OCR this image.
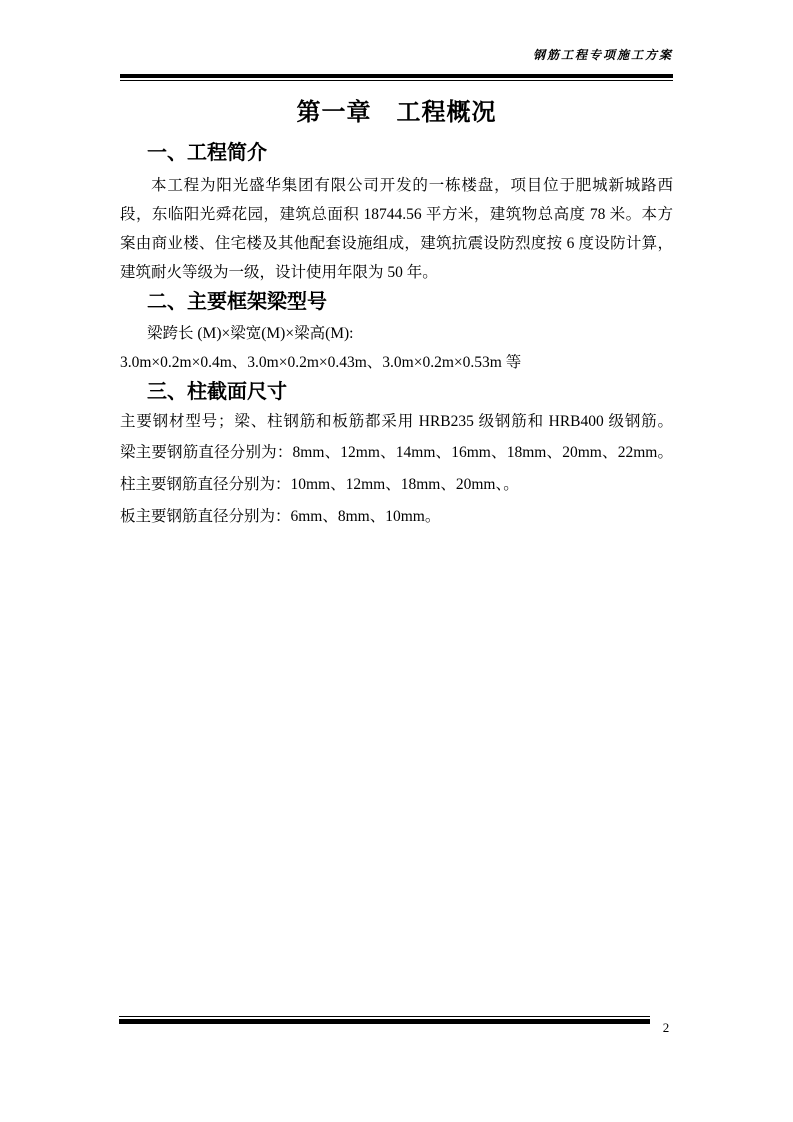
钢筋工程专项施工方案
第一章　工程概况
一、工程简介
本工程为阳光盛华集团有限公司开发的一栋楼盘，项目位于肥城新城路西
段，东临阳光舜花园，建筑总面积 18744.56 平方米，建筑物总高度 78 米。本方
案由商业楼、住宅楼及其他配套设施组成，建筑抗震设防烈度按 6 度设防计算，
建筑耐火等级为一级，设计使用年限为 50 年。
二、主要框架梁型号
梁跨长 (M)×梁宽(M)×梁高(M):
3.0m×0.2m×0.4m、3.0m×0.2m×0.43m、3.0m×0.2m×0.53m 等
三、柱截面尺寸
主要钢材型号；梁、柱钢筋和板筋都采用 HRB235 级钢筋和 HRB400 级钢筋。
梁主要钢筋直径分别为：8mm、12mm、14mm、16mm、18mm、20mm、22mm。
柱主要钢筋直径分别为：10mm、12mm、18mm、20mm、。
板主要钢筋直径分别为：6mm、8mm、10mm。
2
